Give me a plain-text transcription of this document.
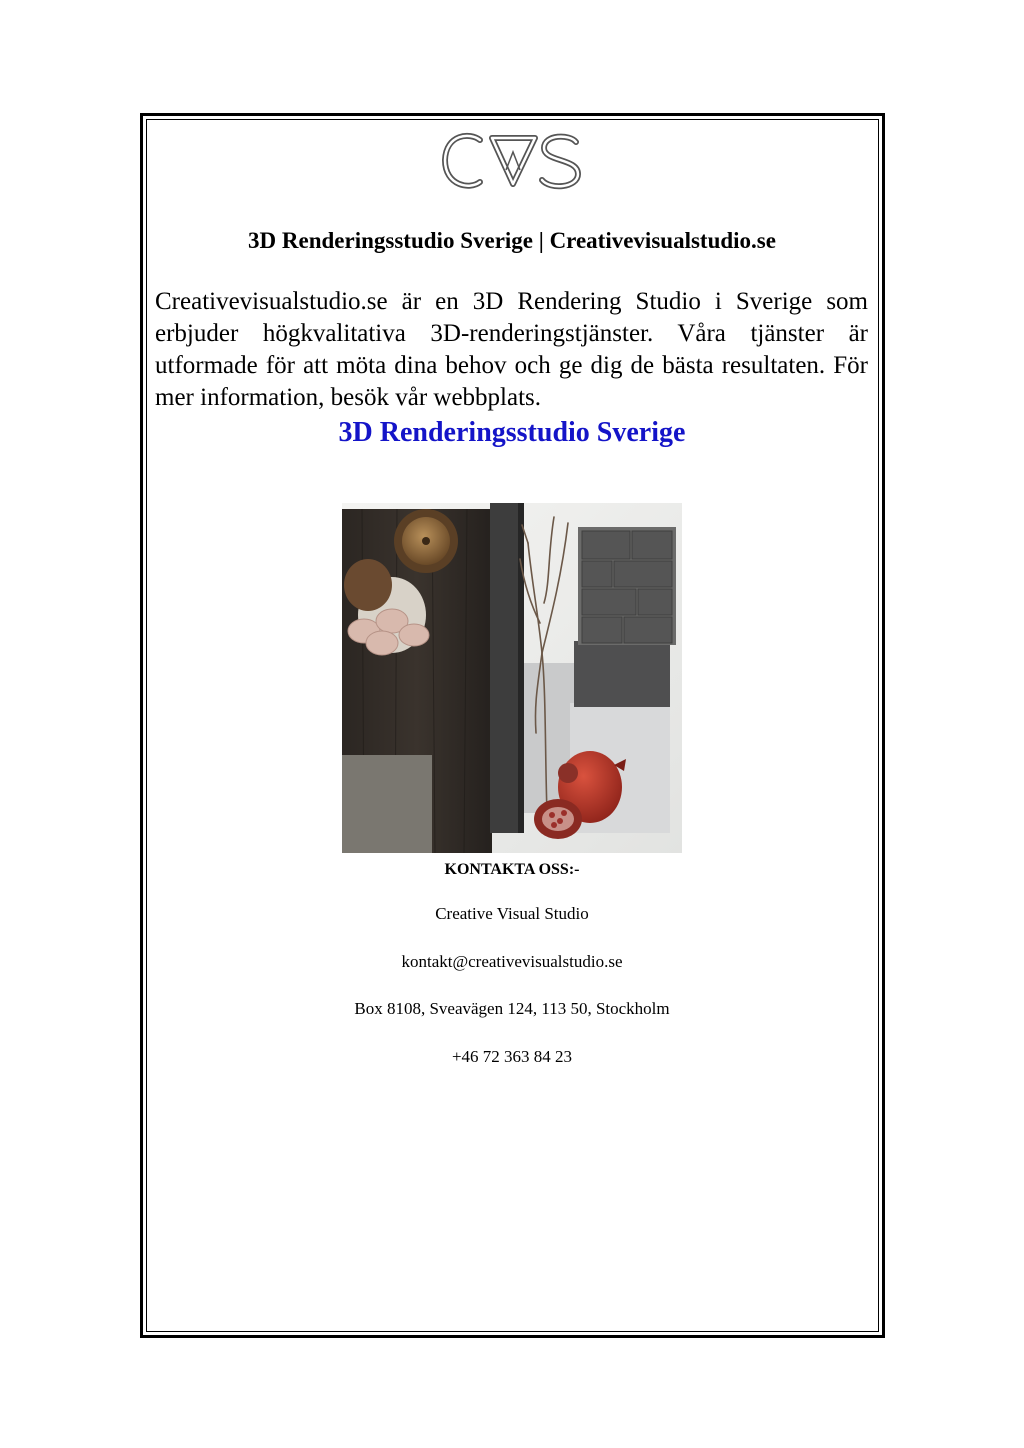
3D Renderingsstudio Sverige | Creativevisualstudio.se
Creativevisualstudio.se är en 3D Rendering Studio i Sverige som erbjuder högkvalitativa 3D-renderingstjänster. Våra tjänster är utformade för att möta dina behov och ge dig de bästa resultaten. För mer information, besök vår webbplats.
3D Renderingsstudio Sverige
KONTAKTA OSS:-
Creative Visual Studio
kontakt@creativevisualstudio.se
Box 8108, Sveavägen 124, 113 50, Stockholm
+46 72 363 84 23
